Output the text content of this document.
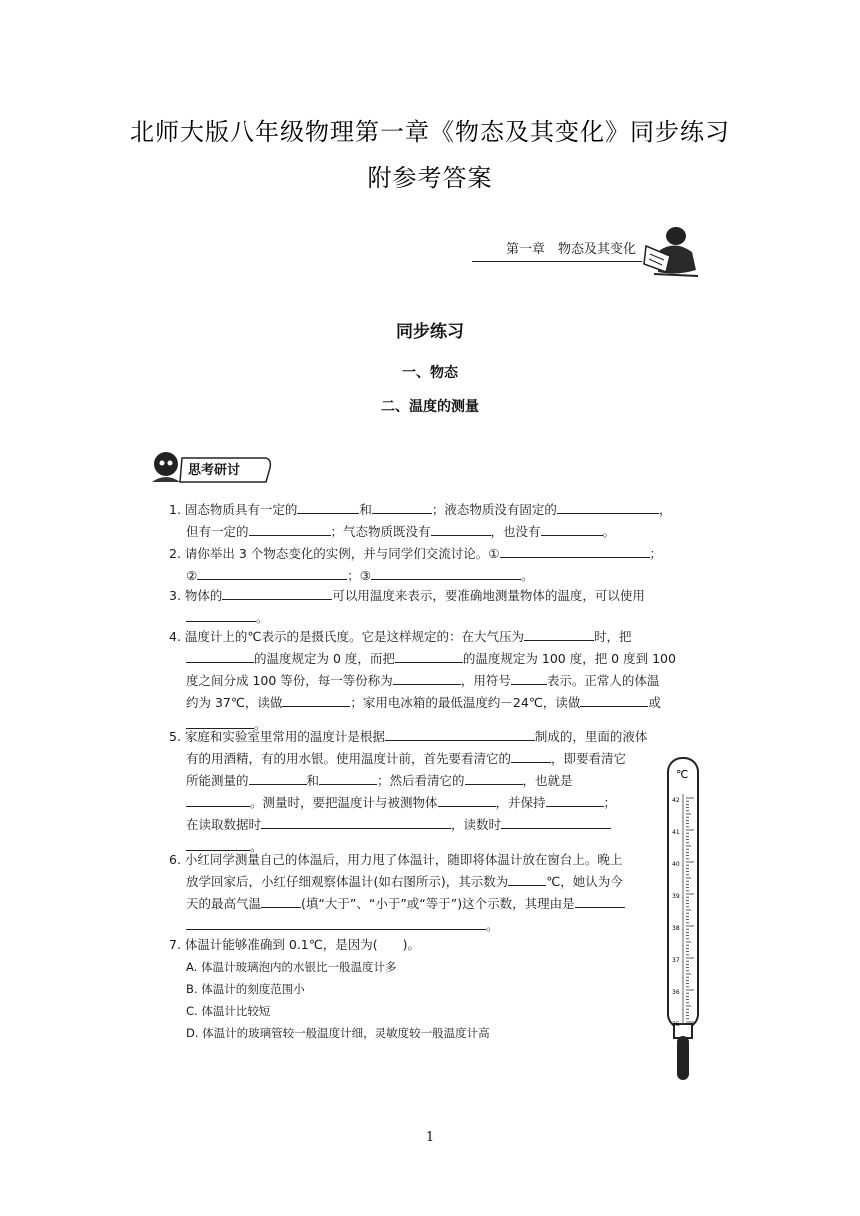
北师大版八年级物理第一章《物态及其变化》同步练习
附参考答案
第一章　物态及其变化
同步练习
一、物态
二、温度的测量
思考研讨
1. 固态物质具有一定的	和	；液态物质没有固定的	，
但有一定的	；气态物质既没有	，也没有	。
2. 请你举出 3 个物态变化的实例，并与同学们交流讨论。①	；
②	；③	。
3. 物体的	可以用温度来表示，要准确地测量物体的温度，可以使用
。
4. 温度计上的℃表示的是摄氏度。它是这样规定的：在大气压为	时，把
的温度规定为 0 度，而把	的温度规定为 100 度，把 0 度到 100
度之间分成 100 等份，每一等份称为	，用符号	表示。正常人的体温
约为 37℃，读做	；家用电冰箱的最低温度约－24℃，读做	或
。
5. 家庭和实验室里常用的温度计是根据	制成的，里面的液体
有的用酒精，有的用水银。使用温度计前，首先要看清它的	，即要看清它
所能测量的	和	；然后看清它的	，也就是
。测量时，要把温度计与被测物体	，并保持	；
在读取数据时	，读数时
。
6. 小红同学测量自己的体温后，用力甩了体温计，随即将体温计放在窗台上。晚上
放学回家后，小红仔细观察体温计(如右图所示)，其示数为	℃，她认为今
天的最高气温	(填“大于”、“小于”或“等于”)这个示数，其理由是
。
7. 体温计能够准确到 0.1℃，是因为(　　)。
A. 体温计玻璃泡内的水银比一般温度计多
B. 体温计的刻度范围小
C. 体温计比较短
D. 体温计的玻璃管较一般温度计细，灵敏度较一般温度计高
℃
42
41
40
39
38
37
36
35
1
